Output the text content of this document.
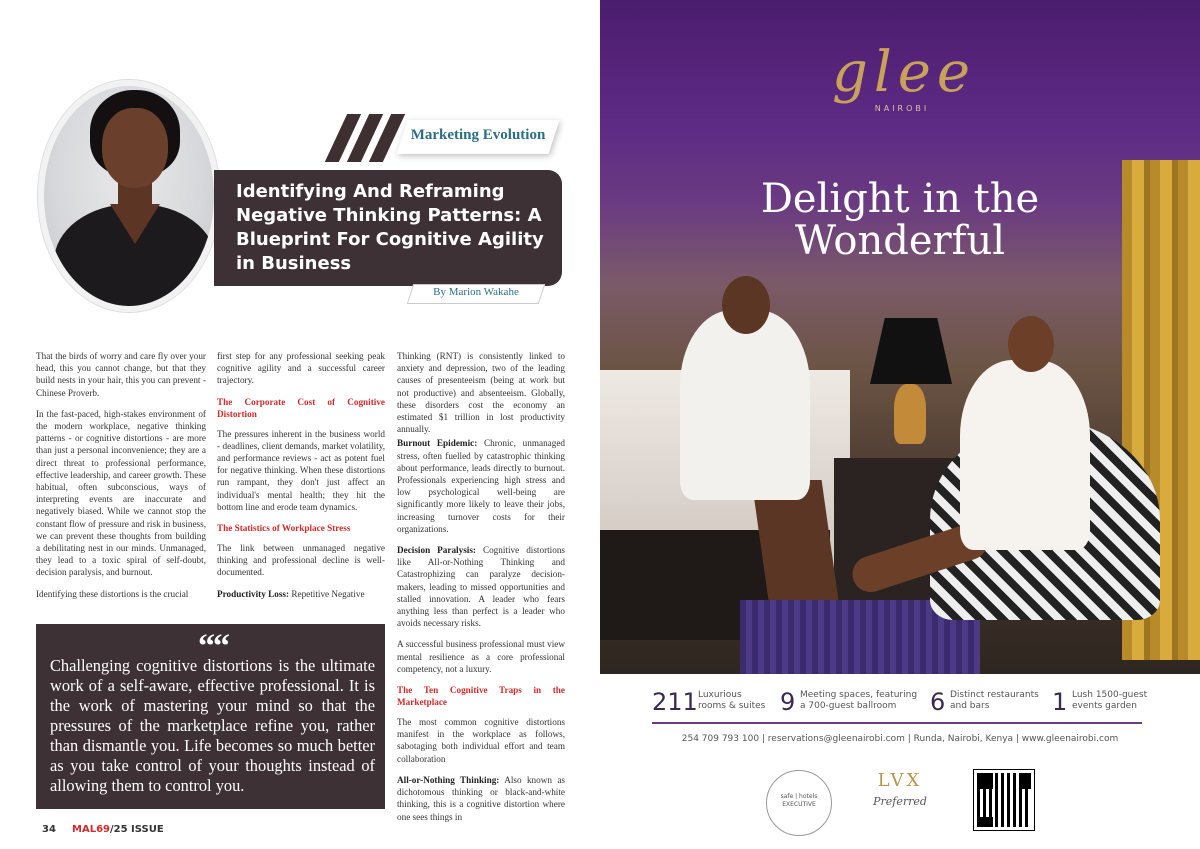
Marketing Evolution
Identifying And Reframing Negative Thinking Patterns: A Blueprint For Cognitive Agility in Business
By Marion Wakahe

That the birds of worry and care fly over your head, this you cannot change, but that they build nests in your hair, this you can prevent - Chinese Proverb.

In the fast-paced, high-stakes environment of the modern workplace, negative thinking patterns - or cognitive distortions - are more than just a personal inconvenience; they are a direct threat to professional performance, effective leadership, and career growth. These habitual, often subconscious, ways of interpreting events are inaccurate and negatively biased. While we cannot stop the constant flow of pressure and risk in business, we can prevent these thoughts from building a debilitating nest in our minds. Unmanaged, they lead to a toxic spiral of self-doubt, decision paralysis, and burnout.

Identifying these distortions is the crucial

first step for any professional seeking peak cognitive agility and a successful career trajectory.

The Corporate Cost of Cognitive Distortion

The pressures inherent in the business world - deadlines, client demands, market volatility, and performance reviews - act as potent fuel for negative thinking. When these distortions run rampant, they don't just affect an individual's mental health; they hit the bottom line and erode team dynamics.

The Statistics of Workplace Stress

The link between unmanaged negative thinking and professional decline is well-documented.

Productivity Loss: Repetitive Negative

Thinking (RNT) is consistently linked to anxiety and depression, two of the leading causes of presenteeism (being at work but not productive) and absenteeism. Globally, these disorders cost the economy an estimated $1 trillion in lost productivity annually.

Burnout Epidemic: Chronic, unmanaged stress, often fuelled by catastrophic thinking about performance, leads directly to burnout. Professionals experiencing high stress and low psychological well-being are significantly more likely to leave their jobs, increasing turnover costs for their organizations.

Decision Paralysis: Cognitive distortions like All-or-Nothing Thinking and Catastrophizing can paralyze decision-makers, leading to missed opportunities and stalled innovation. A leader who fears anything less than perfect is a leader who avoids necessary risks.

A successful business professional must view mental resilience as a core professional competency, not a luxury.

The Ten Cognitive Traps in the Marketplace

The most common cognitive distortions manifest in the workplace as follows, sabotaging both individual effort and team collaboration

All-or-Nothing Thinking: Also known as dichotomous thinking or black-and-white thinking, this is a cognitive distortion where one sees things in

““

Challenging cognitive distortions is the ultimate work of a self-aware, effective professional. It is the work of mastering your mind so that the pressures of the marketplace refine you, rather than dismantle you. Life becomes so much better as you take control of your thoughts instead of allowing them to control you.

34 MAL69/25 ISSUE
glee
NAIROBI
Delight in the
Wonderful
211 Luxurious
rooms & suites 9 Meeting spaces, featuring
a 700-guest ballroom	6 Distinct restaurants
and bars	1 Lush 1500-guest
events garden
254 709 793 100 | reservations@gleenairobi.com | Runda, Nairobi, Kenya | www.gleenairobi.com
safe | hotels
EXECUTIVE
LVX
Preferred
